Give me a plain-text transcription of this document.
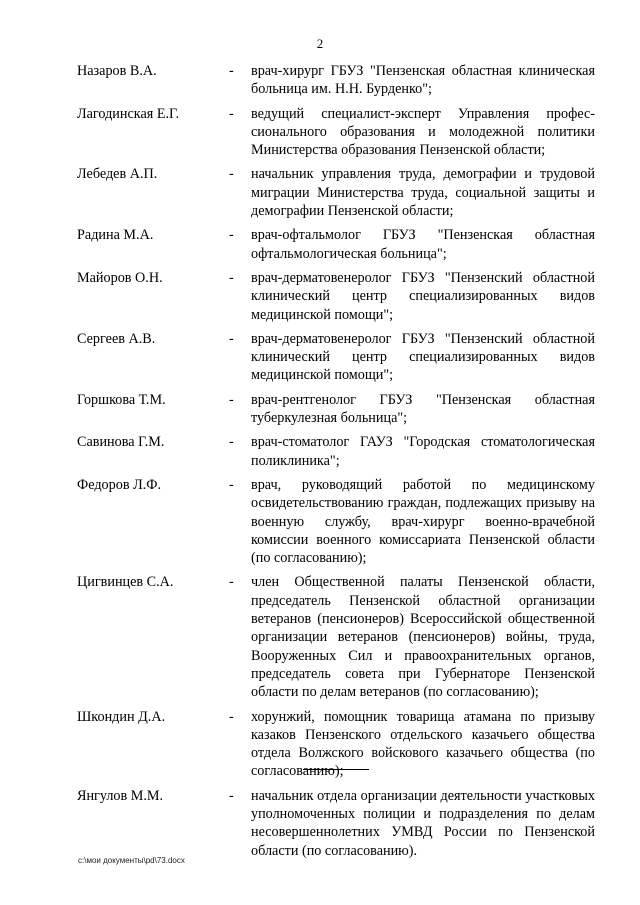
2
Назаров В.А.	-	врач-хирург ГБУЗ "Пензенская областная клиническая больница им. Н.Н. Бурденко";
Лагодинская Е.Г.	-	ведущий специалист-эксперт Управления профессионального образования и молодежной политики Министерства образования Пензенской области;
Лебедев А.П.	-	начальник управления труда, демографии и трудовой миграции Министерства труда, социальной защиты и демографии Пензенской области;
Радина М.А.	-	врач-офтальмолог ГБУЗ "Пензенская областная офтальмологическая больница";
Майоров О.Н.	-	врач-дерматовенеролог ГБУЗ "Пензенский областной клинический центр специализированных видов медицинской помощи";
Сергеев А.В.	-	врач-дерматовенеролог ГБУЗ "Пензенский областной клинический центр специализированных видов медицинской помощи";
Горшкова Т.М.	-	врач-рентгенолог ГБУЗ "Пензенская областная туберкулезная больница";
Савинова Г.М.	-	врач-стоматолог ГАУЗ "Городская стоматологическая поликлиника";
Федоров Л.Ф.	-	врач, руководящий работой по медицинскому освидетельствованию граждан, подлежащих призыву на военную службу, врач-хирург военно-врачебной комиссии военного комиссариата Пензенской области (по согласованию);
Цигвинцев С.А.	-	член Общественной палаты Пензенской области, председатель Пензенской областной организации ветеранов (пенсионеров) Всероссийской общественной организации ветеранов (пенсионеров) войны, труда, Вооруженных Сил и правоохранительных органов, председатель совета при Губернаторе Пензенской области по делам ветеранов (по согласованию);
Шкондин Д.А.	-	хорунжий, помощник товарища атамана по призыву казаков Пензенского отдельского казачьего общества отдела Волжского войскового казачьего общества (по согласованию);
Янгулов М.М.	-	начальник отдела организации деятельности участковых уполномоченных полиции и подразделения по делам несовершеннолетних УМВД России по Пензенской области (по согласованию).
c:\мои документы\pd\73.docx
